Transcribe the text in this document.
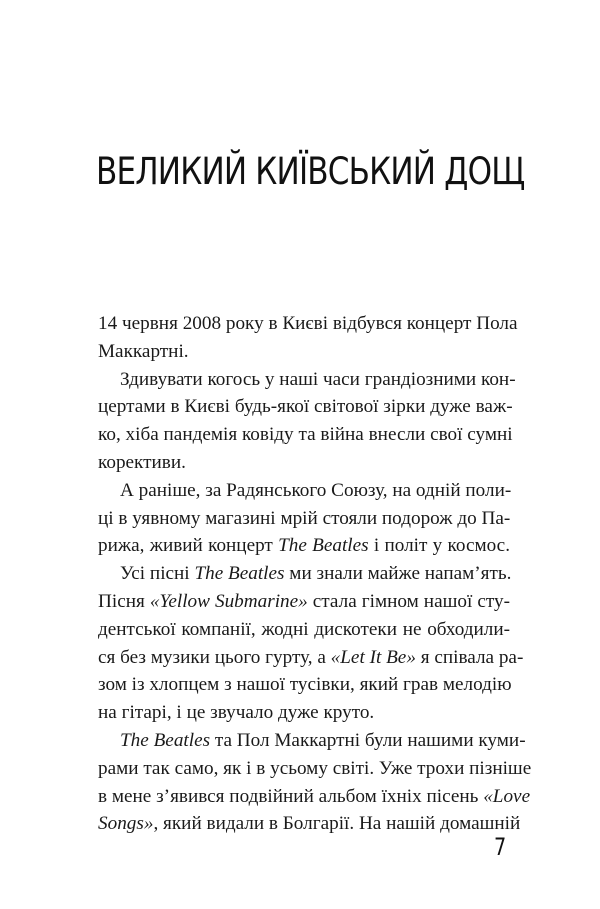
ВЕЛИКИЙ КИЇВСЬКИЙ ДОЩ

14 червня 2008 року в Києві відбувся концерт Пола
Маккартні.

Здивувати когось у наші часи грандіозними кон-
цертами в Києві будь-якої світової зірки дуже важ-
ко, хіба пандемія ковіду та війна внесли свої сумні
корективи.

А раніше, за Радянського Союзу, на одній поли-
ці в уявному магазині мрій стояли подорож до Па-
рижа, живий концерт The Beatles і політ у космос.

Усі пісні The Beatles ми знали майже напам’ять.
Пісня «Yellow Submarine» стала гімном нашої сту-
дентської компанії, жодні дискотеки не обходили-
ся без музики цього гурту, а «Let It Be» я співала ра-
зом із хлопцем з нашої тусівки, який грав мелодію
на гітарі, і це звучало дуже круто.

The Beatles та Пол Маккартні були нашими куми-
рами так само, як і в усьому світі. Уже трохи пізніше
в мене з’явився подвійний альбом їхніх пісень «Love
Songs», який видали в Болгарії. На нашій домашній

7
